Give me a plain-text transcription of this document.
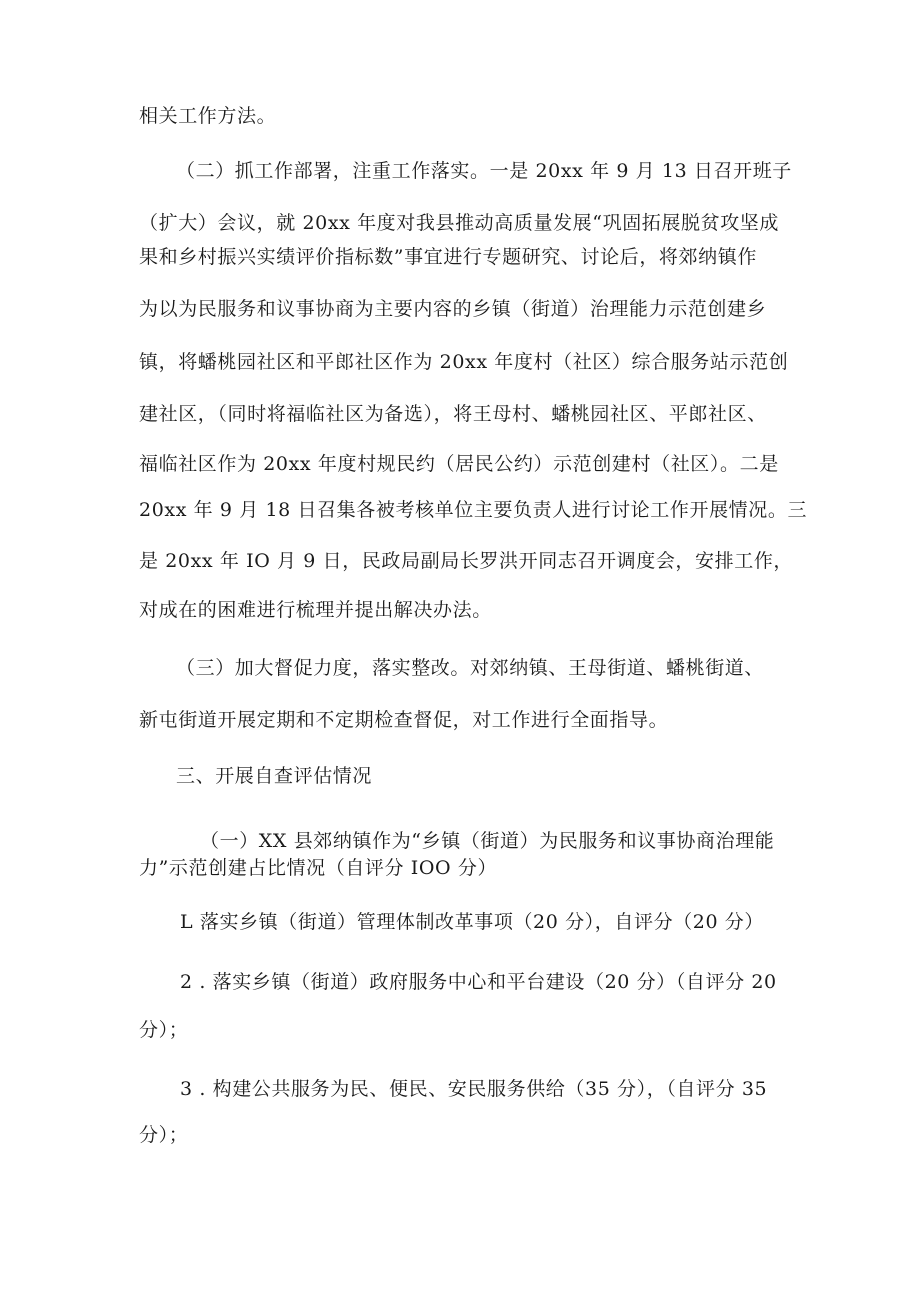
相关工作方法。

（二）抓工作部署，注重工作落实。一是 20xx 年 9 月 13 日召开班子

（扩大）会议，就 20xx 年度对我县推动高质量发展“巩固拓展脱贫攻坚成

果和乡村振兴实绩评价指标数”事宜进行专题研究、讨论后，将郊纳镇作

为以为民服务和议事协商为主要内容的乡镇（街道）治理能力示范创建乡

镇，将蟠桃园社区和平郎社区作为 20xx 年度村（社区）综合服务站示范创

建社区，（同时将福临社区为备选），将王母村、蟠桃园社区、平郎社区、

福临社区作为 20xx 年度村规民约（居民公约）示范创建村（社区）。二是

20xx 年 9 月 18 日召集各被考核单位主要负责人进行讨论工作开展情况。三

是 20xx 年 IO 月 9 日，民政局副局长罗洪开同志召开调度会，安排工作，

对成在的困难进行梳理并提出解决办法。

（三）加大督促力度，落实整改。对郊纳镇、王母街道、蟠桃街道、

新屯街道开展定期和不定期检查督促，对工作进行全面指导。

三、开展自查评估情况

（一）XX 县郊纳镇作为“乡镇（街道）为民服务和议事协商治理能

力”示范创建占比情况（自评分 IOO 分）

L 落实乡镇（街道）管理体制改革事项（20 分），自评分（20 分）

2 . 落实乡镇（街道）政府服务中心和平台建设（20 分）（自评分 20

分）；

3 . 构建公共服务为民、便民、安民服务供给（35 分），（自评分 35

分）；
